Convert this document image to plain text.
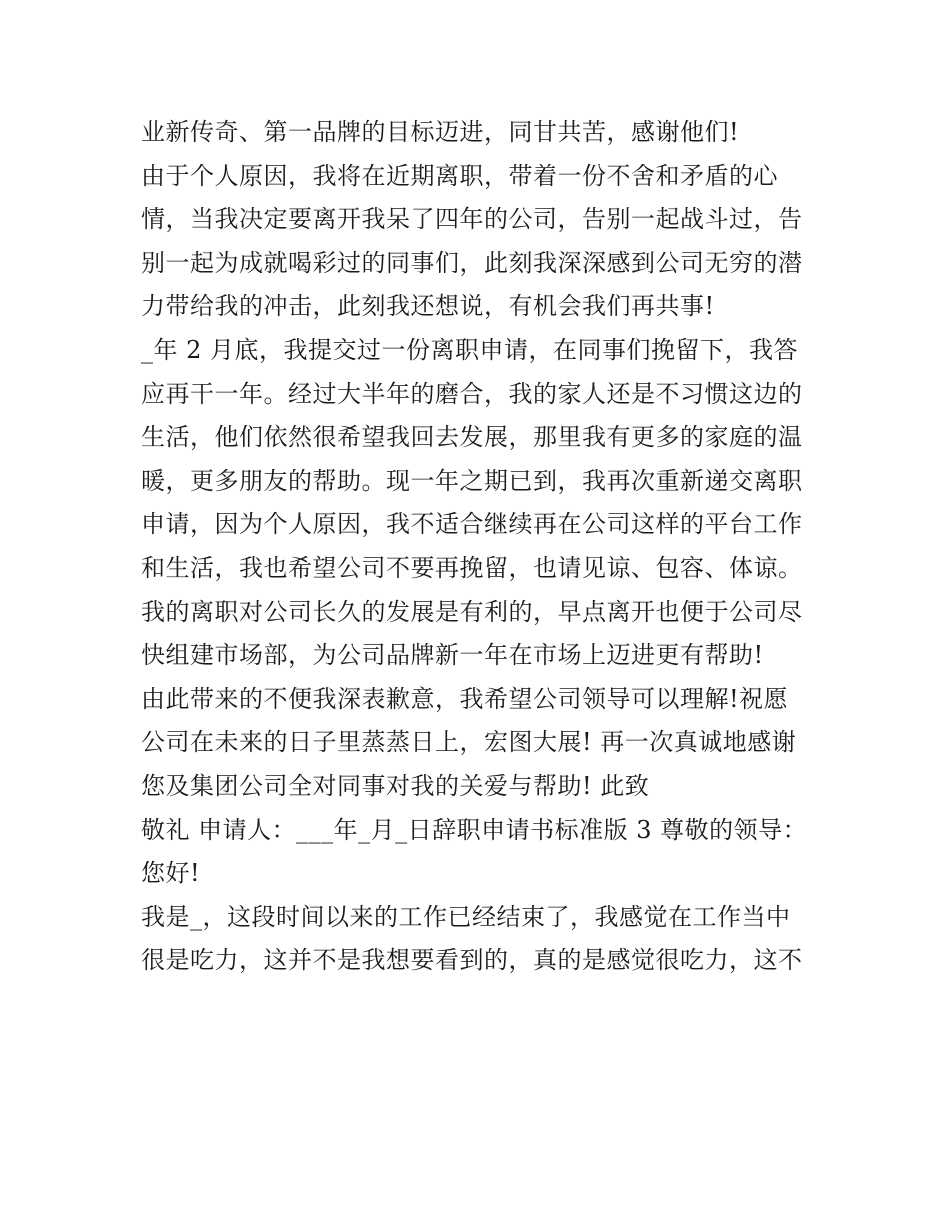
业新传奇、第一品牌的目标迈进，同甘共苦，感谢他们!
由于个人原因，我将在近期离职，带着一份不舍和矛盾的心
情，当我决定要离开我呆了四年的公司，告别一起战斗过，告
别一起为成就喝彩过的同事们，此刻我深深感到公司无穷的潜
力带给我的冲击，此刻我还想说，有机会我们再共事!
_年 2 月底，我提交过一份离职申请，在同事们挽留下，我答
应再干一年。经过大半年的磨合，我的家人还是不习惯这边的
生活，他们依然很希望我回去发展，那里我有更多的家庭的温
暖，更多朋友的帮助。现一年之期已到，我再次重新递交离职
申请，因为个人原因，我不适合继续再在公司这样的平台工作
和生活，我也希望公司不要再挽留，也请见谅、包容、体谅。
我的离职对公司长久的发展是有利的，早点离开也便于公司尽
快组建市场部，为公司品牌新一年在市场上迈进更有帮助!
由此带来的不便我深表歉意，我希望公司领导可以理解!祝愿
公司在未来的日子里蒸蒸日上，宏图大展! 再一次真诚地感谢
您及集团公司全对同事对我的关爱与帮助! 此致
敬礼 申请人：___年_月_日辞职申请书标准版 3 尊敬的领导：
您好!
我是_，这段时间以来的工作已经结束了，我感觉在工作当中
很是吃力，这并不是我想要看到的，真的是感觉很吃力，这不
